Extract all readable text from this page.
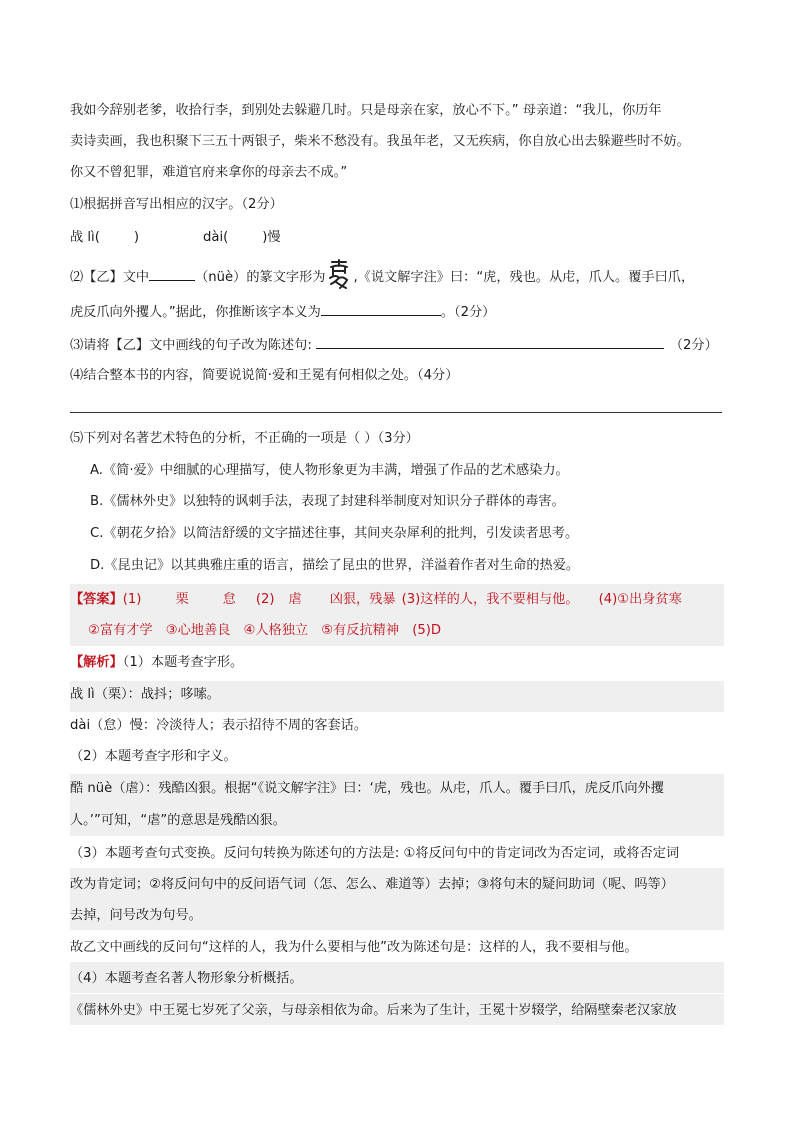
我如今辞别老爹，收拾行李，到别处去躲避几时。只是母亲在家，放心不下。” 母亲道：“我儿，你历年
卖诗卖画，我也积聚下三五十两银子，柴米不愁没有。我虽年老，又无疾病，你自放心出去躲避些时不妨。
你又不曾犯罪，难道官府来拿你的母亲去不成。”
⑴根据拼音写出相应的汉字。（2分）
战 lì(	)	dài(	)慢
⑵【乙】文中	（nüè）的篆文字形为 ,《说文解字注》曰：“虎，残也。从虍，爪人。覆手曰爪，
虎反爪向外攫人。”据此，你推断该字本义为	。（2分）
⑶请将【乙】文中画线的句子改为陈述句:	（2分）
⑷结合整本书的内容，简要说说简·爱和王冕有何相似之处。（4分）
⑸下列对名著艺术特色的分析，不正确的一项是（ ）（3分）
A.《简·爱》中细腻的心理描写，使人物形象更为丰满，增强了作品的艺术感染力。
B.《儒林外史》以独特的讽刺手法，表现了封建科举制度对知识分子群体的毒害。
C.《朝花夕拾》以简洁舒缓的文字描述往事，其间夹杂犀利的批判，引发读者思考。
D.《昆虫记》以其典雅庄重的语言，描绘了昆虫的世界，洋溢着作者对生命的热爱。
【答案】(1)	栗	怠 (2) 虐 凶狠，残暴 (3)这样的人，我不要相与他。 (4)①出身贫寒
②富有才学　③心地善良　④人格独立　⑤有反抗精神　(5)D
【解析】（1）本题考查字形。
战 lì（栗）：战抖；哆嗦。
dài（怠）慢：冷淡待人；表示招待不周的客套话。
（2）本题考查字形和字义。
酷 nüè（虐）：残酷凶狠。根据“《说文解字注》曰：‘虎，残也。从虍，爪人。覆手曰爪，虎反爪向外攫
人。’”可知，“虐”的意思是残酷凶狠。
（3）本题考查句式变换。反问句转换为陈述句的方法是: ①将反问句中的肯定词改为否定词，或将否定词
改为肯定词；②将反问句中的反问语气词（怎、怎么、难道等）去掉；③将句末的疑问助词（呢、吗等）
去掉，问号改为句号。
故乙文中画线的反问句“这样的人，我为什么要相与他”改为陈述句是：这样的人，我不要相与他。
（4）本题考查名著人物形象分析概括。
《儒林外史》中王冕七岁死了父亲，与母亲相依为命。后来为了生计，王冕十岁辍学，给隔壁秦老汉家放
